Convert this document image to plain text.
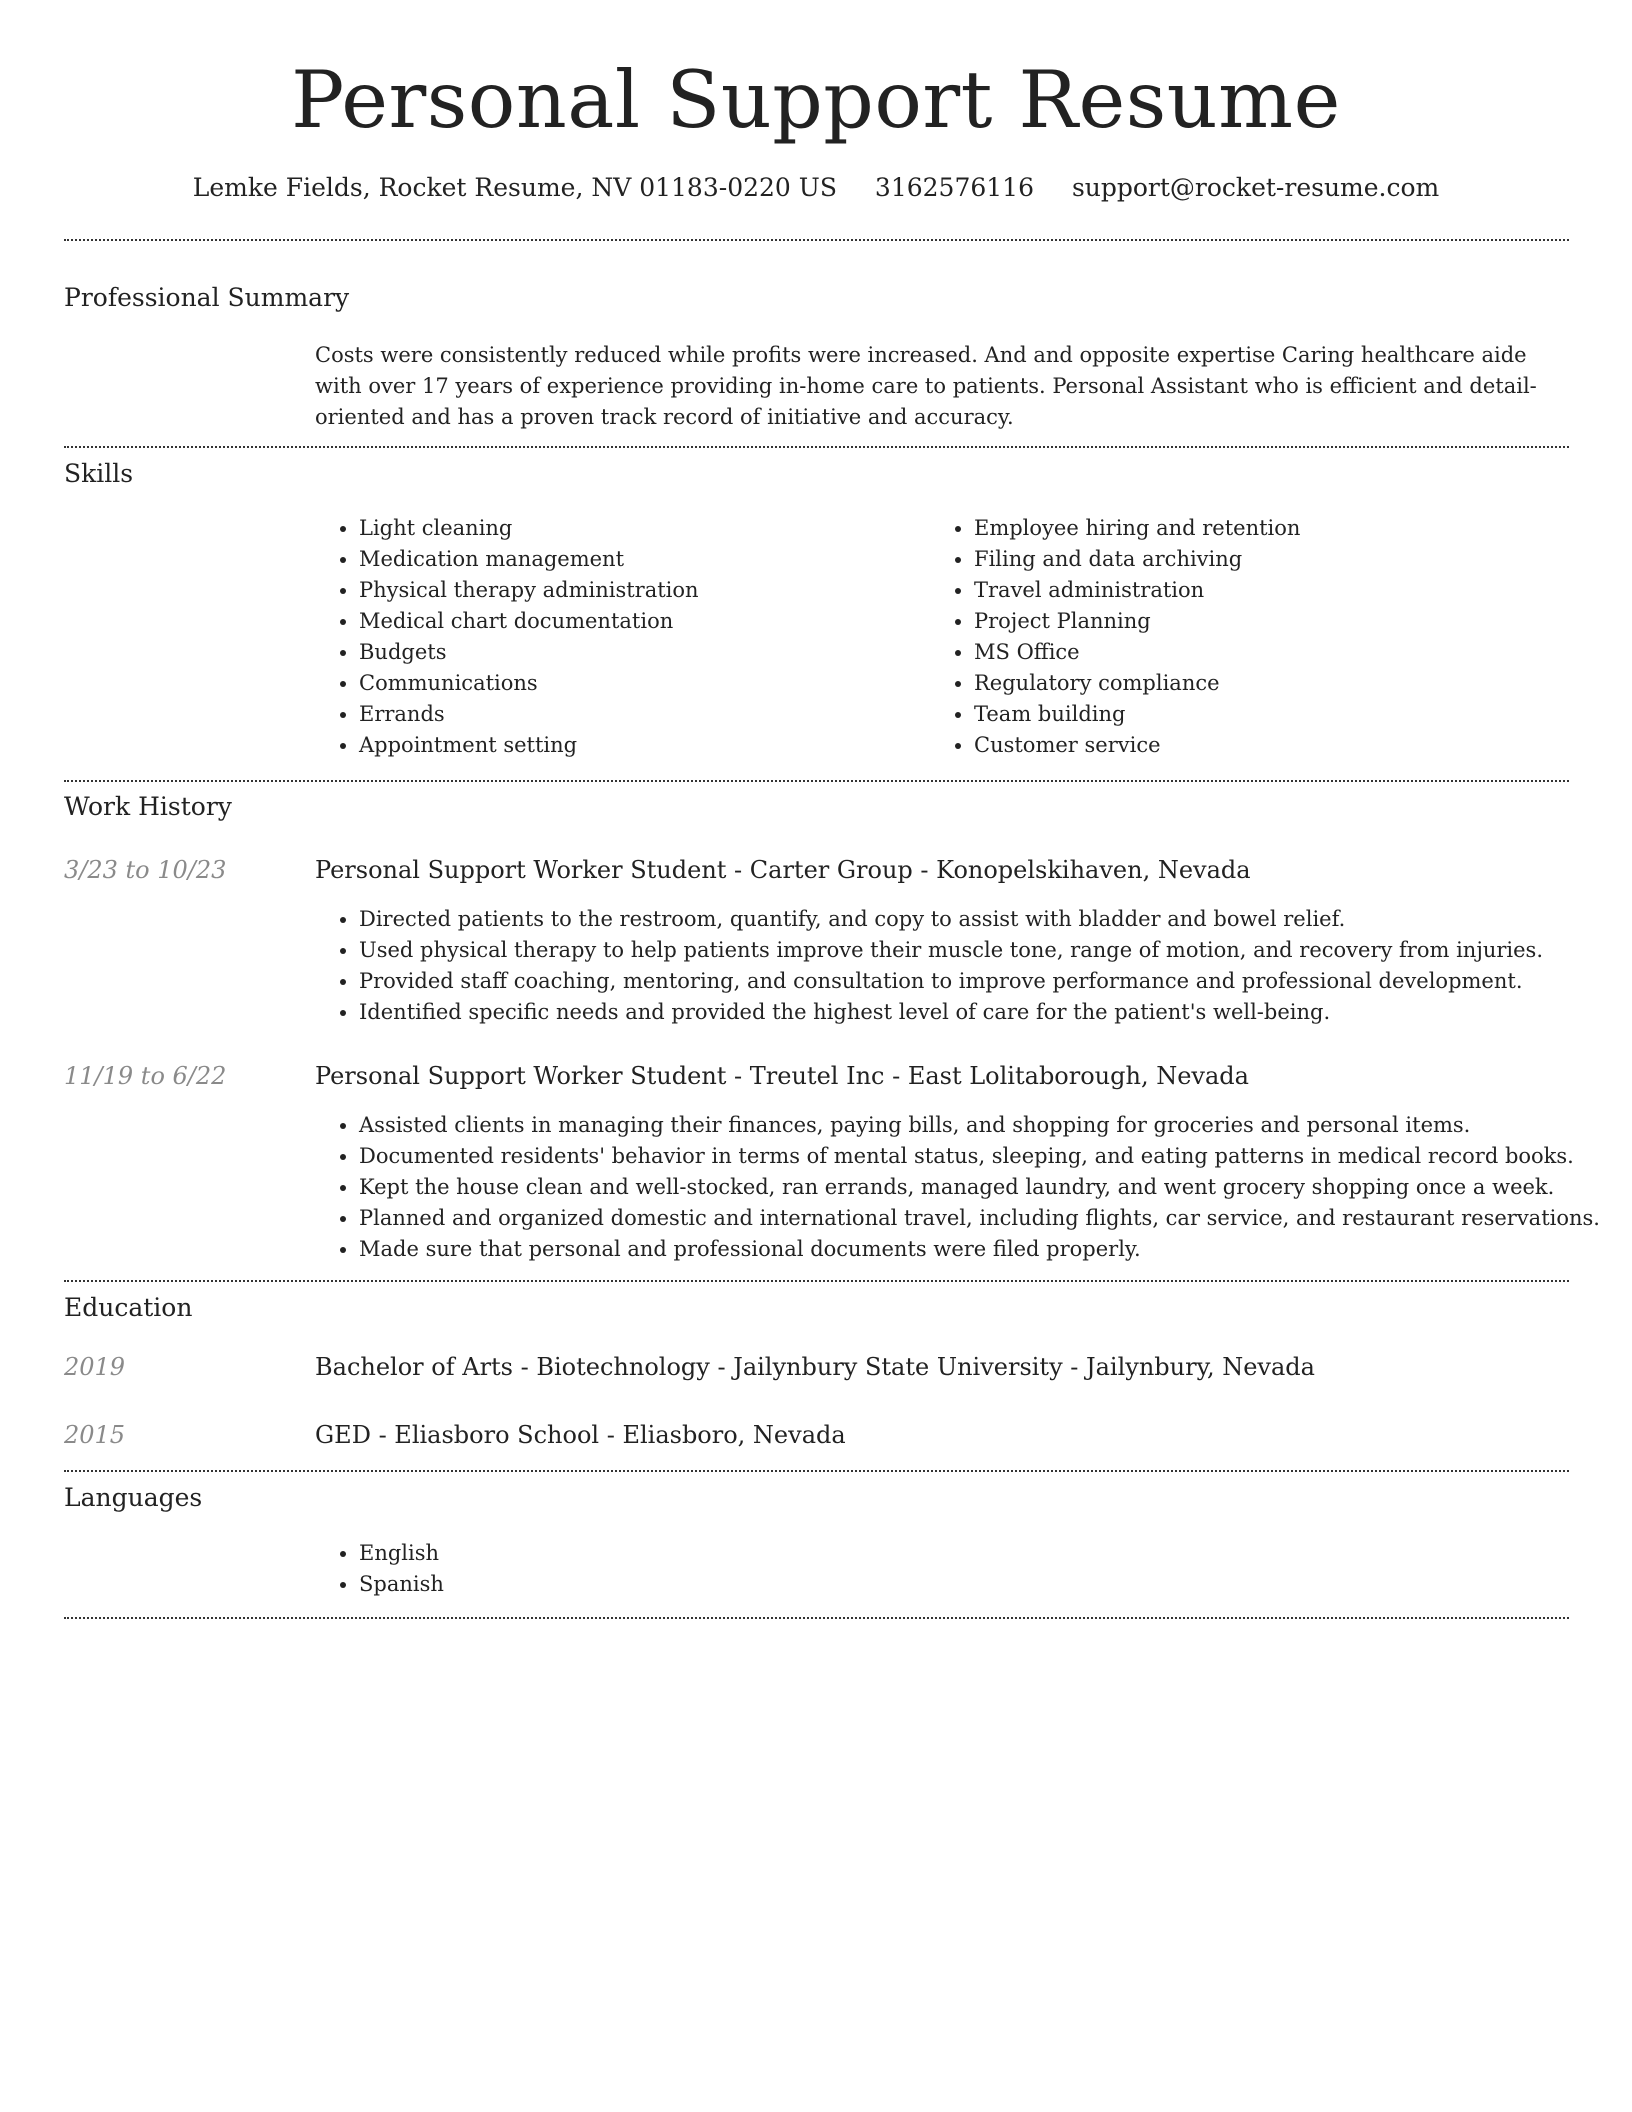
Personal Support Resume
Lemke Fields, Rocket Resume, NV 01183-0220 US 3162576116 support@rocket-resume.com
Professional Summary
Costs were consistently reduced while profits were increased. And and opposite expertise Caring healthcare aide with over 17 years of experience providing in-home care to patients. Personal Assistant who is efficient and detail-oriented and has a proven track record of initiative and accuracy.
Skills
• Light cleaning
• Medication management
• Physical therapy administration
• Medical chart documentation
• Budgets
• Communications
• Errands
• Appointment setting
• Employee hiring and retention
• Filing and data archiving
• Travel administration
• Project Planning
• MS Office
• Regulatory compliance
• Team building
• Customer service
Work History
3/23 to 10/23	Personal Support Worker Student - Carter Group - Konopelskihaven, Nevada
• Directed patients to the restroom, quantify, and copy to assist with bladder and bowel relief.
• Used physical therapy to help patients improve their muscle tone, range of motion, and recovery from injuries.
• Provided staff coaching, mentoring, and consultation to improve performance and professional development.
• Identified specific needs and provided the highest level of care for the patient's well-being.
11/19 to 6/22	Personal Support Worker Student - Treutel Inc - East Lolitaborough, Nevada
• Assisted clients in managing their finances, paying bills, and shopping for groceries and personal items.
• Documented residents' behavior in terms of mental status, sleeping, and eating patterns in medical record books.
• Kept the house clean and well-stocked, ran errands, managed laundry, and went grocery shopping once a week.
• Planned and organized domestic and international travel, including flights, car service, and restaurant reservations.
• Made sure that personal and professional documents were filed properly.
Education
2019	Bachelor of Arts - Biotechnology - Jailynbury State University - Jailynbury, Nevada
2015	GED - Eliasboro School - Eliasboro, Nevada
Languages
• English
• Spanish
